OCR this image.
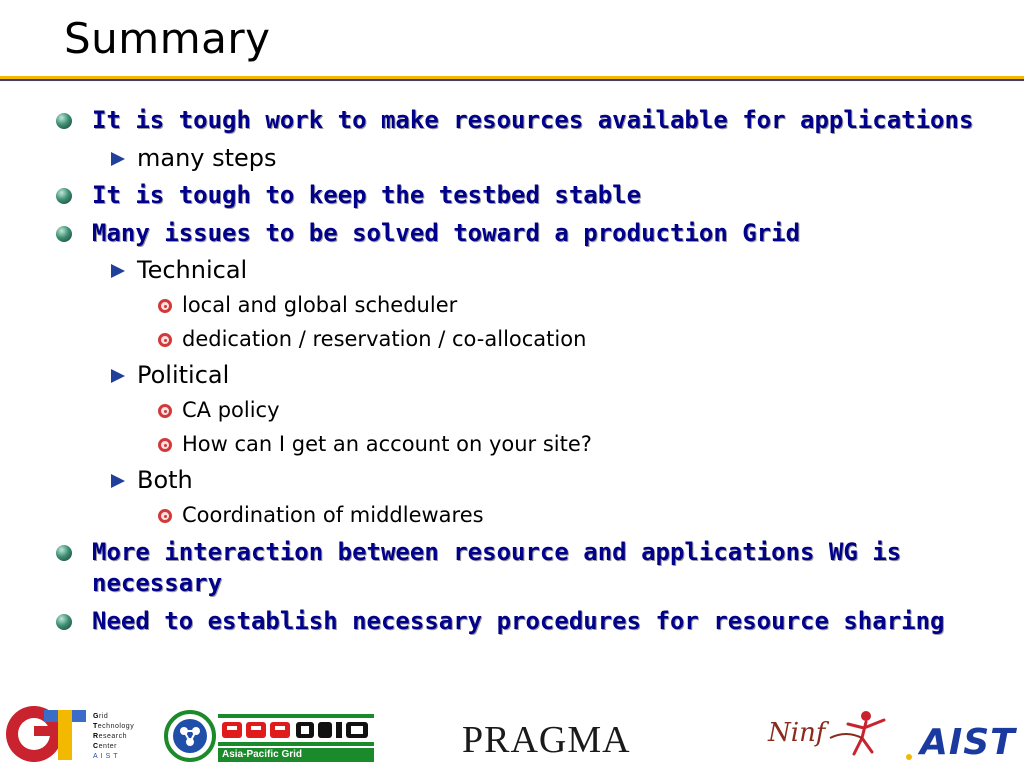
Summary
It is tough work to make resources available for applications
many steps
It is tough to keep the testbed stable
Many issues to be solved toward a production Grid
Technical
local and global scheduler
dedication / reservation / co-allocation
Political
CA policy
How can I get an account on your site?
Both
Coordination of middlewares
More interaction between resource and applications WG is
necessary
Need to establish necessary procedures for resource sharing
Grid
Technology
Research
Center
AIST	Asia-Pacific Grid	PRAGMA	Ninf	AIST
